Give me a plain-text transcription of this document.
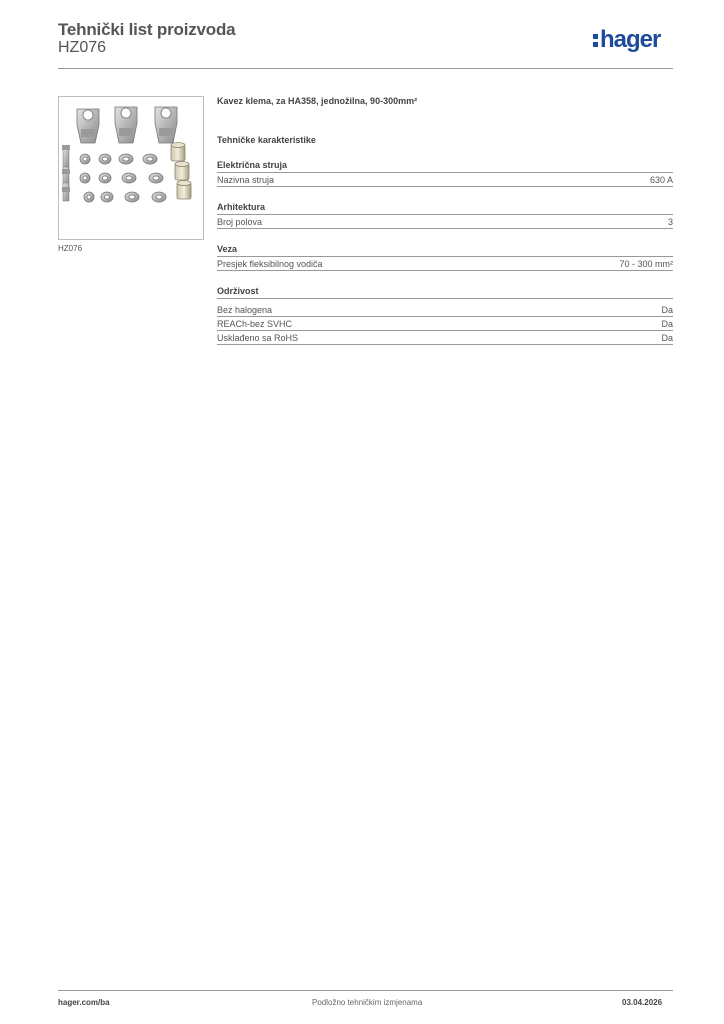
Tehnički list proizvoda
HZ076	hager
HZ076
Kavez klema, za HA358, jednožilna, 90-300mm²
Tehničke karakteristike
Električna struja
Nazivna struja	630 A
Arhitektura
Broj polova	3
Veza
Presjek fleksibilnog vodiča	70 - 300 mm²
Održivost
Bez halogena	Da
REACh-bez SVHC	Da
Usklađeno sa RoHS	Da
hager.com/ba	Podložno tehničkim izmjenama	03.04.2026
